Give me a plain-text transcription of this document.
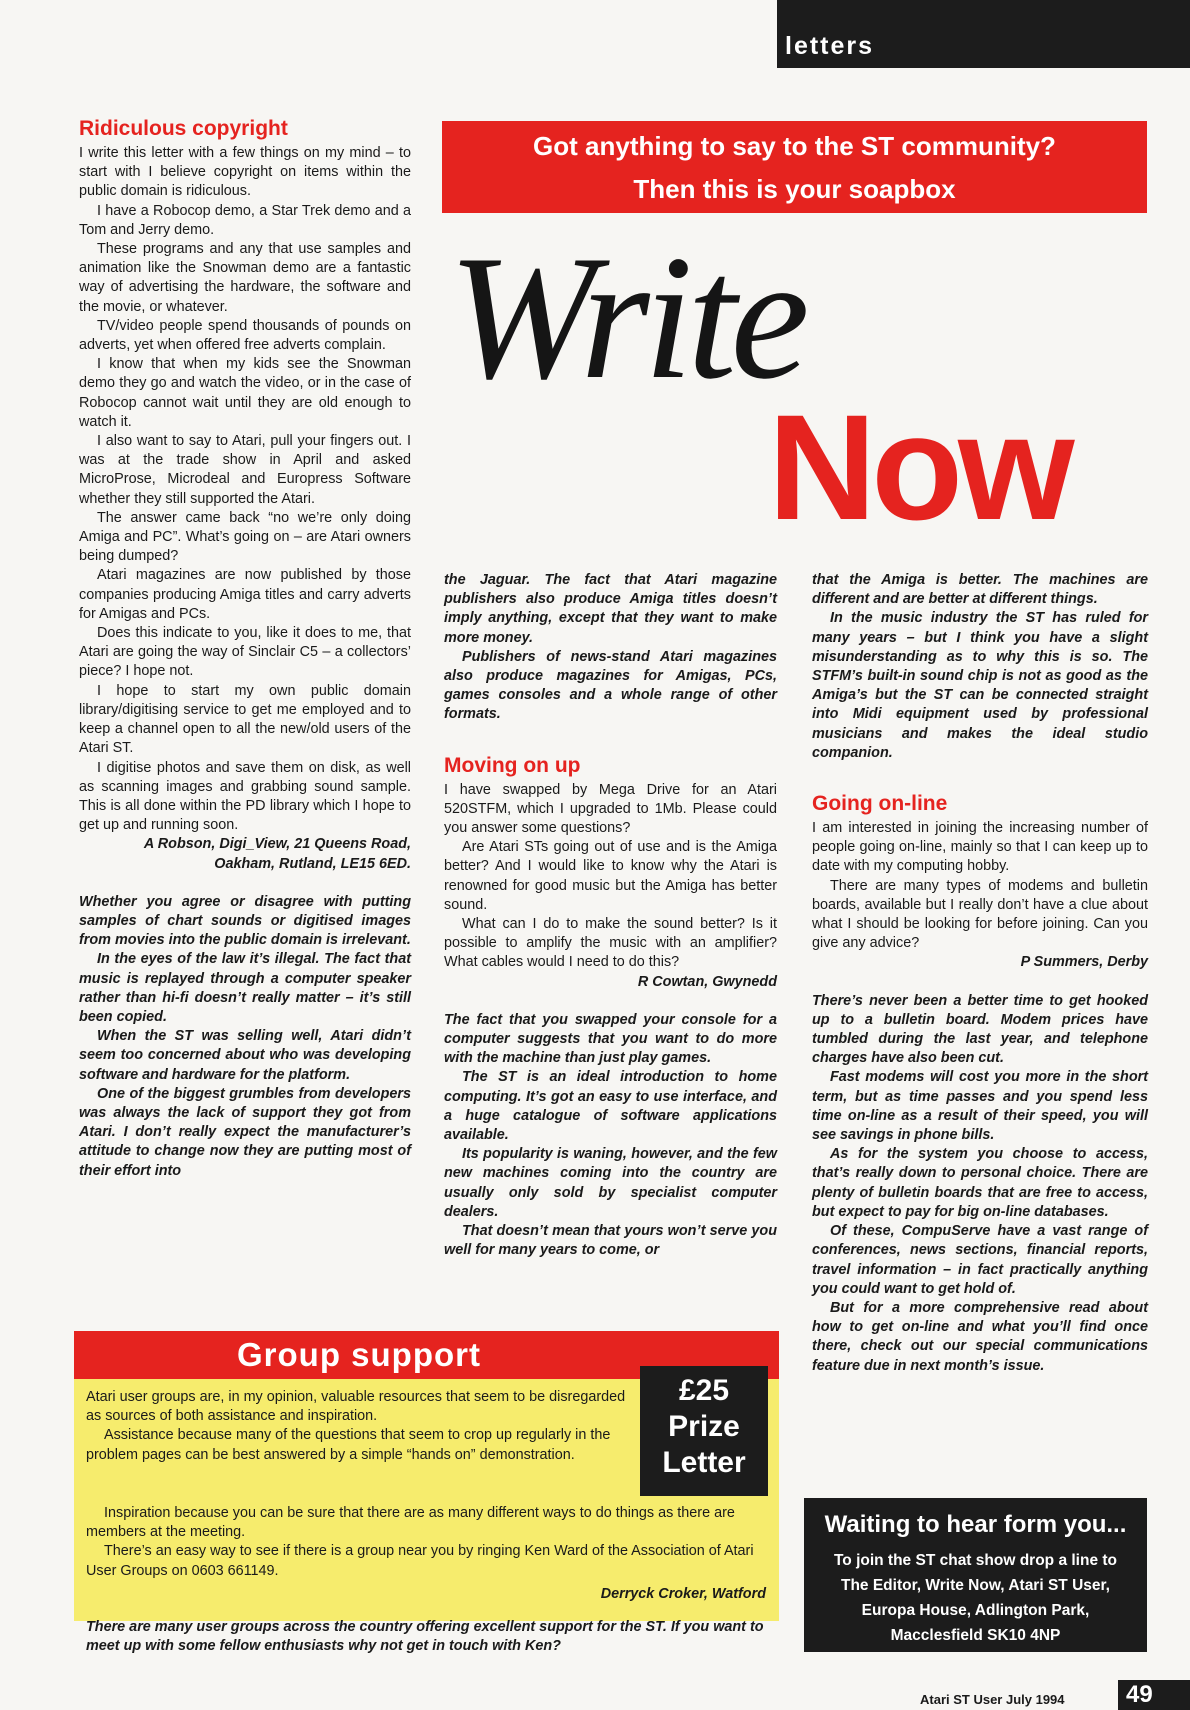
letters
Got anything to say to the ST community?
Then this is your soapbox
Write
Now
Ridiculous copyright

I write this letter with a few things on my mind – to start with I believe copyright on items within the public domain is ridiculous.

I have a Robocop demo, a Star Trek demo and a Tom and Jerry demo.

These programs and any that use samples and animation like the Snowman demo are a fantastic way of advertising the hardware, the software and the movie, or whatever.

TV/video people spend thousands of pounds on adverts, yet when offered free adverts complain.

I know that when my kids see the Snowman demo they go and watch the video, or in the case of Robocop cannot wait until they are old enough to watch it.

I also want to say to Atari, pull your fingers out. I was at the trade show in April and asked MicroProse, Microdeal and Europress Software whether they still supported the Atari.

The answer came back “no we’re only doing Amiga and PC”. What’s going on – are Atari owners being dumped?

Atari magazines are now published by those companies producing Amiga titles and carry adverts for Amigas and PCs.

Does this indicate to you, like it does to me, that Atari are going the way of Sinclair C5 – a collectors’ piece? I hope not.

I hope to start my own public domain library/digitising service to get me employed and to keep a channel open to all the new/old users of the Atari ST.

I digitise photos and save them on disk, as well as scanning images and grabbing sound sample. This is all done within the PD library which I hope to get up and running soon.

A Robson, Digi_View, 21 Queens Road,

Oakham, Rutland, LE15 6ED.

Whether you agree or disagree with putting samples of chart sounds or digitised images from movies into the public domain is irrelevant.

In the eyes of the law it’s illegal. The fact that music is replayed through a computer speaker rather than hi-fi doesn’t really matter – it’s still been copied.

When the ST was selling well, Atari didn’t seem too concerned about who was developing software and hardware for the platform.

One of the biggest grumbles from developers was always the lack of support they got from Atari. I don’t really expect the manufacturer’s attitude to change now they are putting most of their effort into

the Jaguar. The fact that Atari magazine publishers also produce Amiga titles doesn’t imply anything, except that they want to make more money.

Publishers of news-stand Atari magazines also produce magazines for Amigas, PCs, games consoles and a whole range of other formats.

Moving on up

I have swapped by Mega Drive for an Atari 520STFM, which I upgraded to 1Mb. Please could you answer some questions?

Are Atari STs going out of use and is the Amiga better? And I would like to know why the Atari is renowned for good music but the Amiga has better sound.

What can I do to make the sound better? Is it possible to amplify the music with an amplifier? What cables would I need to do this?

R Cowtan, Gwynedd

The fact that you swapped your console for a computer suggests that you want to do more with the machine than just play games.

The ST is an ideal introduction to home computing. It’s got an easy to use interface, and a huge catalogue of software applications available.

Its popularity is waning, however, and the few new machines coming into the country are usually only sold by specialist computer dealers.

That doesn’t mean that yours won’t serve you well for many years to come, or

that the Amiga is better. The machines are different and are better at different things.

In the music industry the ST has ruled for many years – but I think you have a slight misunderstanding as to why this is so. The STFM’s built-in sound chip is not as good as the Amiga’s but the ST can be connected straight into Midi equipment used by professional musicians and makes the ideal studio companion.

Going on-line

I am interested in joining the increasing number of people going on-line, mainly so that I can keep up to date with my computing hobby.

There are many types of modems and bulletin boards, available but I really don’t have a clue about what I should be looking for before joining. Can you give any advice?

P Summers, Derby

There’s never been a better time to get hooked up to a bulletin board. Modem prices have tumbled during the last year, and telephone charges have also been cut.

Fast modems will cost you more in the short term, but as time passes and you spend less time on-line as a result of their speed, you will see savings in phone bills.

As for the system you choose to access, that’s really down to personal choice. There are plenty of bulletin boards that are free to access, but expect to pay for big on-line databases.

Of these, CompuServe have a vast range of conferences, news sections, financial reports, travel information – in fact practically anything you could want to get hold of.

But for a more comprehensive read about how to get on-line and what you’ll find once there, check out our special communications feature due in next month’s issue.

Group support
£25
Prize
Letter

Atari user groups are, in my opinion, valuable resources that seem to be disregarded as sources of both assistance and inspiration.

Assistance because many of the questions that seem to crop up regularly in the problem pages can be best answered by a simple “hands on” demonstration.

Inspiration because you can be sure that there are as many different ways to do things as there are members at the meeting.

There’s an easy way to see if there is a group near you by ringing Ken Ward of the Association of Atari User Groups on 0603 661149.

Derryck Croker, Watford

There are many user groups across the country offering excellent support for the ST. If you want to meet up with some fellow enthusiasts why not get in touch with Ken?

Waiting to hear form you...
To join the ST chat show drop a line to
The Editor, Write Now, Atari ST User,
Europa House, Adlington Park,
Macclesfield SK10 4NP
Atari ST User July 1994	49
